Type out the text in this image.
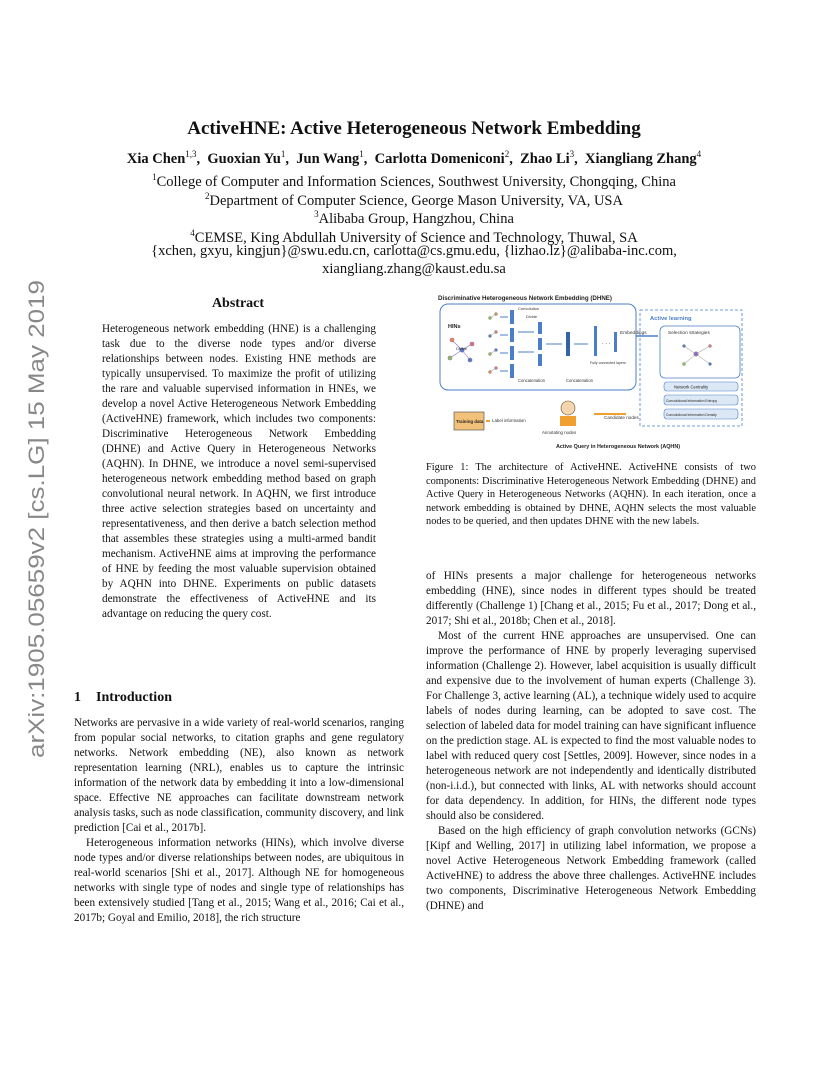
arXiv:1905.05659v2 [cs.LG] 15 May 2019
ActiveHNE: Active Heterogeneous Network Embedding
Xia Chen$^{1,3}$,  Guoxian Yu$^1$,  Jun Wang$^1$,  Carlotta Domeniconi$^2$,  Zhao Li$^3$,  Xiangliang Zhang$^4$
$^1$College of Computer and Information Sciences, Southwest University, Chongqing, China
$^2$Department of Computer Science, George Mason University, VA, USA
$^3$Alibaba Group, Hangzhou, China
$^4$CEMSE, King Abdullah University of Science and Technology, Thuwal, SA
{xchen, gxyu, kingjun}@swu.edu.cn, carlotta@cs.gmu.edu, {lizhao.lz}@alibaba-inc.com,
xiangliang.zhang@kaust.edu.sa
Abstract

Heterogeneous network embedding (HNE) is a challenging task due to the diverse node types and/or diverse relationships between nodes. Existing HNE methods are typically unsupervised. To maximize the profit of utilizing the rare and valuable supervised information in HNEs, we develop a novel Active Heterogeneous Network Embedding (ActiveHNE) framework, which includes two components: Discriminative Heterogeneous Network Embedding (DHNE) and Active Query in Heterogeneous Networks (AQHN). In DHNE, we introduce a novel semi-supervised heterogeneous network embedding method based on graph convolutional neural network. In AQHN, we first introduce three active selection strategies based on uncertainty and representativeness, and then derive a batch selection method that assembles these strategies using a multi-armed bandit mechanism. ActiveHNE aims at improving the performance of HNE by feeding the most valuable supervision obtained by AQHN into DHNE. Experiments on public datasets demonstrate the effectiveness of ActiveHNE and its advantage on reducing the query cost.

1 Introduction

Networks are pervasive in a wide variety of real-world scenarios, ranging from popular social networks, to citation graphs and gene regulatory networks. Network embedding (NE), also known as network representation learning (NRL), enables us to capture the intrinsic information of the network data by embedding it into a low-dimensional space. Effective NE approaches can facilitate downstream network analysis tasks, such as node classification, community discovery, and link prediction [Cai et al., 2017b].

Heterogeneous information networks (HINs), which involve diverse node types and/or diverse relationships between nodes, are ubiquitous in real-world scenarios [Shi et al., 2017]. Although NE for homogeneous networks with single type of nodes and single type of relationships has been extensively studied [Tang et al., 2015; Wang et al., 2016; Cai et al., 2017b; Goyal and Emilio, 2018], the rich structure

Discriminative Heterogeneous Network Embedding (DHNE)
HINs
Divide
Convolution
Divide
. . .
Fully connected layers
Concatenation	Concatenation
Embeddings
Active learning
Selection strategies
Network Centrality
Convolutional Information Entropy
Convolutional Information Density
Training data Label information
Annotating nodes
Candidate nodes
Active Query in Heterogeneous Network (AQHN)

Figure 1: The architecture of ActiveHNE. ActiveHNE consists of two components: Discriminative Heterogeneous Network Embedding (DHNE) and Active Query in Heterogeneous Networks (AQHN). In each iteration, once a network embedding is obtained by DHNE, AQHN selects the most valuable nodes to be queried, and then updates DHNE with the new labels.

of HINs presents a major challenge for heterogeneous networks embedding (HNE), since nodes in different types should be treated differently (Challenge 1) [Chang et al., 2015; Fu et al., 2017; Dong et al., 2017; Shi et al., 2018b; Chen et al., 2018].

Most of the current HNE approaches are unsupervised. One can improve the performance of HNE by properly leveraging supervised information (Challenge 2). However, label acquisition is usually difficult and expensive due to the involvement of human experts (Challenge 3). For Challenge 3, active learning (AL), a technique widely used to acquire labels of nodes during learning, can be adopted to save cost. The selection of labeled data for model training can have significant influence on the prediction stage. AL is expected to find the most valuable nodes to label with reduced query cost [Settles, 2009]. However, since nodes in a heterogeneous network are not independently and identically distributed (non-i.i.d.), but connected with links, AL with networks should account for data dependency. In addition, for HINs, the different node types should also be considered.

Based on the high efficiency of graph convolution networks (GCNs) [Kipf and Welling, 2017] in utilizing label information, we propose a novel Active Heterogeneous Network Embedding framework (called ActiveHNE) to address the above three challenges. ActiveHNE includes two components, Discriminative Heterogeneous Network Embedding (DHNE) and
